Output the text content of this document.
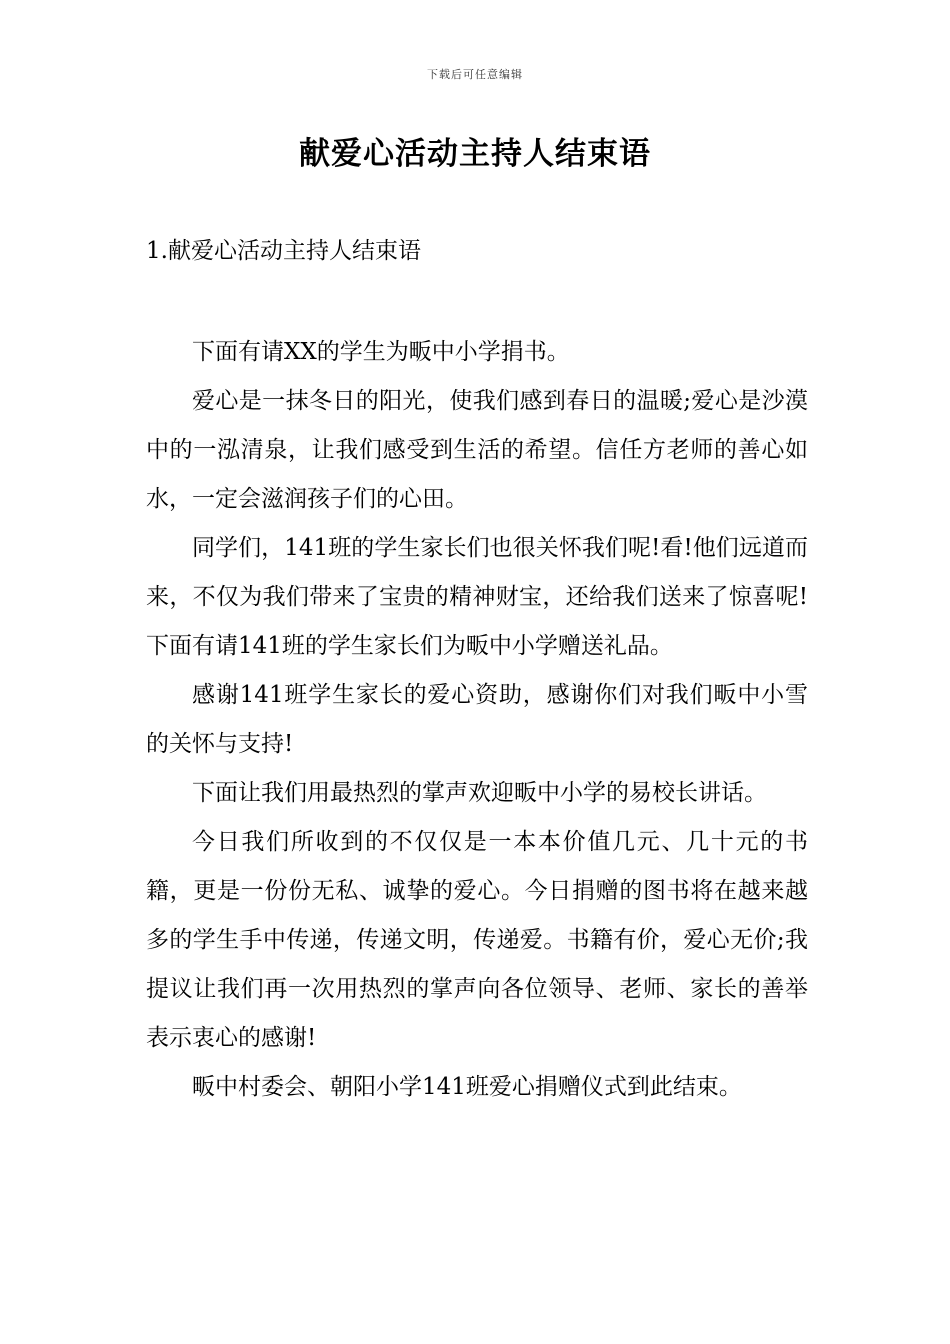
下载后可任意编辑
献爱心活动主持人结束语
1.献爱心活动主持人结束语

下面有请XX的学生为畈中小学捐书。

爱心是一抹冬日的阳光，使我们感到春日的温暖;爱心是沙漠中的一泓清泉，让我们感受到生活的希望。信任方老师的善心如水，一定会滋润孩子们的心田。

同学们，141班的学生家长们也很关怀我们呢!看!他们远道而来，不仅为我们带来了宝贵的精神财宝，还给我们送来了惊喜呢!下面有请141班的学生家长们为畈中小学赠送礼品。

感谢141班学生家长的爱心资助，感谢你们对我们畈中小雪的关怀与支持!

下面让我们用最热烈的掌声欢迎畈中小学的易校长讲话。

今日我们所收到的不仅仅是一本本价值几元、几十元的书籍，更是一份份无私、诚挚的爱心。今日捐赠的图书将在越来越多的学生手中传递，传递文明，传递爱。书籍有价，爱心无价;我提议让我们再一次用热烈的掌声向各位领导、老师、家长的善举表示衷心的感谢!

畈中村委会、朝阳小学141班爱心捐赠仪式到此结束。
